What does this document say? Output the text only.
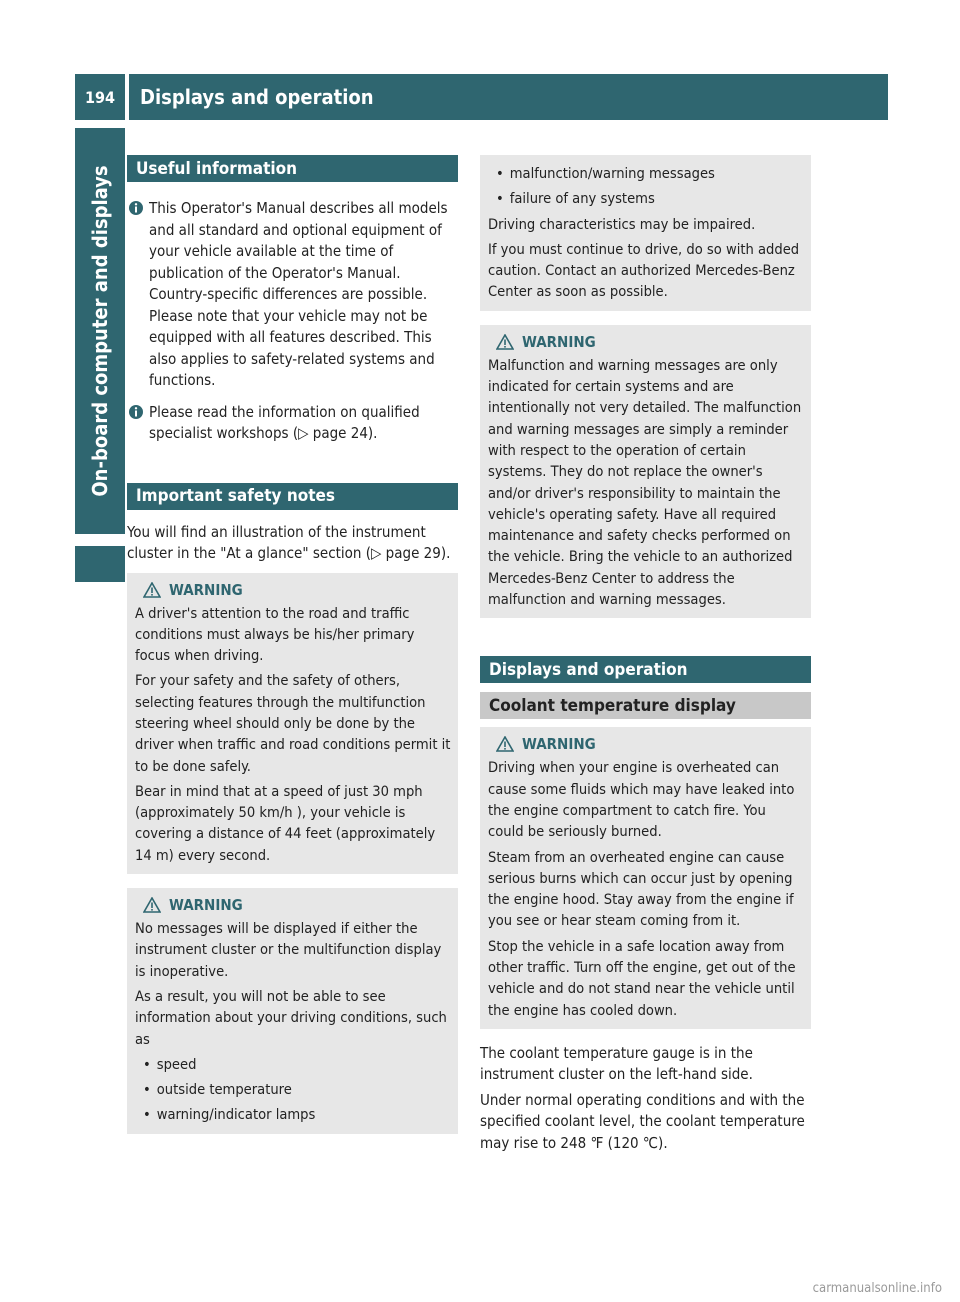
194	Displays and operation
On-board computer and displays	Useful information
This Operator's Manual describes all models and all standard and optional equipment of your vehicle available at the time of publication of the Operator's Manual. Country-specific differences are possible. Please note that your vehicle may not be equipped with all features described. This also applies to safety-related systems and functions.
Please read the information on qualified specialist workshops (▷ page 24).
Important safety notes

You will find an illustration of the instrument cluster in the "At a glance" section (▷ page 29).

WARNING

A driver's attention to the road and traffic conditions must always be his/her primary focus when driving.

For your safety and the safety of others, selecting features through the multifunction steering wheel should only be done by the driver when traffic and road conditions permit it to be done safely.

Bear in mind that at a speed of just 30 mph (approximately 50 km/h ), your vehicle is covering a distance of 44 feet (approximately 14 m) every second.

WARNING

No messages will be displayed if either the instrument cluster or the multifunction display is inoperative.

As a result, you will not be able to see information about your driving conditions, such as

• speed
• outside temperature
• warning/indicator lamps
• malfunction/warning messages
• failure of any systems

Driving characteristics may be impaired.

If you must continue to drive, do so with added caution. Contact an authorized Mercedes-Benz Center as soon as possible.

WARNING

Malfunction and warning messages are only indicated for certain systems and are intentionally not very detailed. The malfunction and warning messages are simply a reminder with respect to the operation of certain systems. They do not replace the owner's and/or driver's responsibility to maintain the vehicle's operating safety. Have all required maintenance and safety checks performed on the vehicle. Bring the vehicle to an authorized Mercedes-Benz Center to address the malfunction and warning messages.

Displays and operation
Coolant temperature display
WARNING

Driving when your engine is overheated can cause some fluids which may have leaked into the engine compartment to catch fire. You could be seriously burned.

Steam from an overheated engine can cause serious burns which can occur just by opening the engine hood. Stay away from the engine if you see or hear steam coming from it.

Stop the vehicle in a safe location away from other traffic. Turn off the engine, get out of the vehicle and do not stand near the vehicle until the engine has cooled down.

The coolant temperature gauge is in the instrument cluster on the left-hand side.

Under normal operating conditions and with the specified coolant level, the coolant temperature may rise to 248 ℉ (120 ℃).

carmanualsonline.info
